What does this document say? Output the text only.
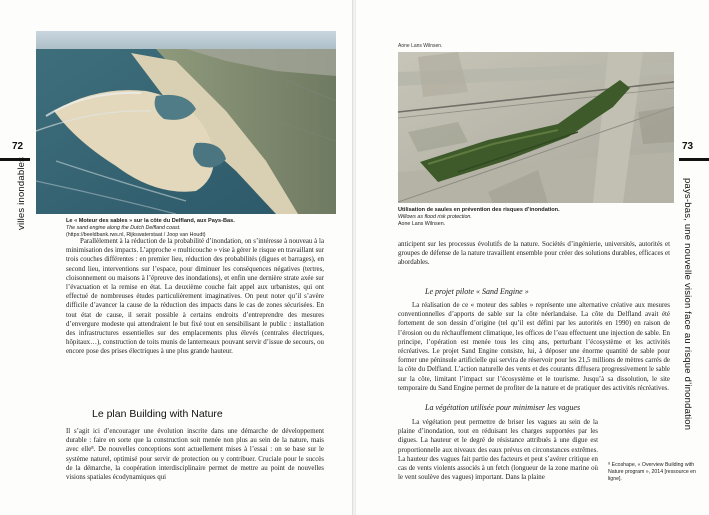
72
villes inondables	Le « Moteur des sables » sur la côte du Delfland, aux Pays-Bas.
The sand engine along the Dutch Delfland coast.
(https://beeldbank.rws.nl, Rijkswaterstaat / Joop van Houdt)

Parallèlement à la réduction de la probabilité d’inondation, on s’intéresse à nouveau à la minimisation des impacts. L’approche « multicouche » vise à gérer le risque en travaillant sur trois couches différentes : en premier lieu, réduction des probabilités (digues et barrages), en second lieu, interventions sur l’espace, pour diminuer les conséquences négatives (tertres, cloisonnement ou maisons à l’épreuve des inondations), et enfin une dernière strate axée sur l’évacuation et la remise en état. La deuxième couche fait appel aux urbanistes, qui ont effectué de nombreuses études particulièrement imaginatives. On peut noter qu’il s’avère difficile d’avancer la cause de la réduction des impacts dans le cas de zones sécurisées. En tout état de cause, il serait possible à certains endroits d’entreprendre des mesures d’envergure modeste qui attendraient le but fixé tout en sensibilisant le public : installation des infrastructures essentielles sur des emplacements plus élevés (centrales électriques, hôpitaux…), construction de toits munis de lanterneaux pouvant servir d’issue de secours, ou encore pose des prises électriques à une plus grande hauteur.

Le plan Building with Nature

Il s’agit ici d’encourager une évolution inscrite dans une démarche de développement durable : faire en sorte que la construction soit menée non plus au sein de la nature, mais avec elle⁸. De nouvelles conceptions sont actuellement mises à l’essai : on se base sur le système naturel, optimisé pour servir de protection ou y contribuer. Cruciale pour le succès de la démarche, la coopération interdisciplinaire permet de mettre au point de nouvelles visions spatiales écodynamiques qui

Aone Lans Wilnsen.
73
pays-bas, une nouvelle vision face au risque d’inondation
Utilisation de saules en prévention des risques d’inondation.
Willows as flood risk protection.
Aone Lans Wilnsen.

anticipent sur les processus évolutifs de la nature. Sociétés d’ingénierie, universités, autorités et groupes de défense de la nature travaillent ensemble pour créer des solutions durables, efficaces et abordables.

Le projet pilote « Sand Engine »

La réalisation de ce « moteur des sables » représente une alternative créative aux mesures conventionnelles d’apports de sable sur la côte néerlandaise. La côte du Delfland avait été fortement de son dessin d’origine (tel qu’il est défini par les autorités en 1990) en raison de l’érosion ou du réchauffement climatique, les offices de l’eau effectuent une injection de sable. En principe, l’opération est menée tous les cinq ans, perturbant l’écosystème et les activités récréatives. Le projet Sand Engine consiste, lui, à déposer une énorme quantité de sable pour former une péninsule artificielle qui servira de réservoir pour les 21,5 millions de mètres carrés de la côte du Delfland. L’action naturelle des vents et des courants diffusera progressivement le sable sur la côte, limitant l’impact sur l’écosystème et le tourisme. Jusqu’à sa dissolution, le site temporaire du Sand Engine permet de profiter de la nature et de pratiquer des activités récréatives.

La végétation utilisée pour minimiser les vagues

La végétation peut permettre de briser les vagues au sein de la plaine d’inondation, tout en réduisant les charges supportées par les digues. La hauteur et le degré de résistance attribués à une digue est proportionnelle aux niveaux des eaux prévus en circonstances extrêmes. La hauteur des vagues fait partie des facteurs et peut s’avérer critique en cas de vents violents associés à un fetch (longueur de la zone marine où le vent soulève des vagues) important. Dans la plaine

⁸ Ecoshape, « Overview Building with Nature program », 2014 [ressource en ligne].
